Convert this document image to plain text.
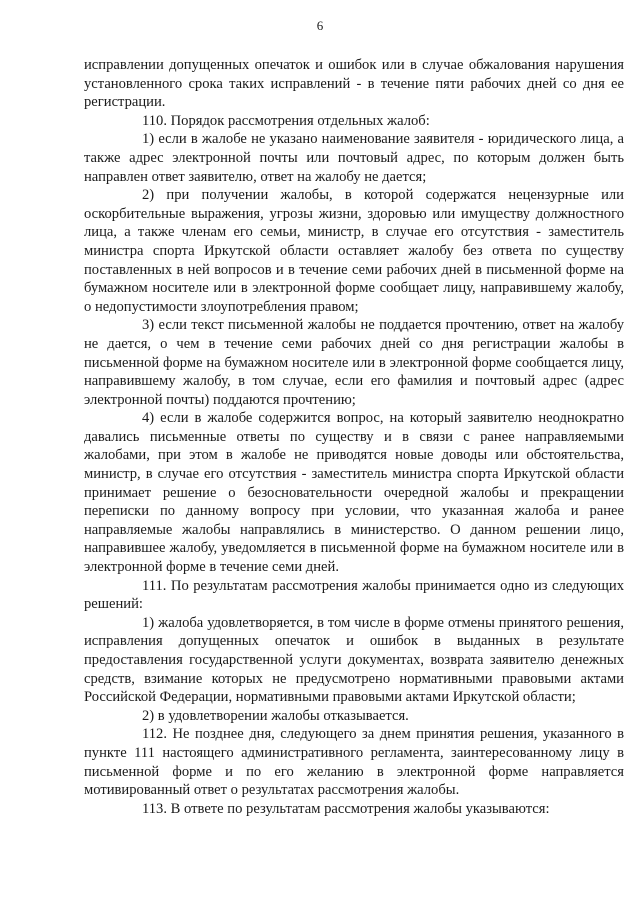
6

исправлении допущенных опечаток и ошибок или в случае обжалования нарушения установленного срока таких исправлений - в течение пяти рабочих дней со дня ее регистрации.

110. Порядок рассмотрения отдельных жалоб:

1) если в жалобе не указано наименование заявителя - юридического лица, а также адрес электронной почты или почтовый адрес, по которым должен быть направлен ответ заявителю, ответ на жалобу не дается;

2) при получении жалобы, в которой содержатся нецензурные или оскорбительные выражения, угрозы жизни, здоровью или имуществу должностного лица, а также членам его семьи, министр, в случае его отсутствия - заместитель министра спорта Иркутской области оставляет жалобу без ответа по существу поставленных в ней вопросов и в течение семи рабочих дней в письменной форме на бумажном носителе или в электронной форме сообщает лицу, направившему жалобу, о недопустимости злоупотребления правом;

3) если текст письменной жалобы не поддается прочтению, ответ на жалобу не дается, о чем в течение семи рабочих дней со дня регистрации жалобы в письменной форме на бумажном носителе или в электронной форме сообщается лицу, направившему жалобу, в том случае, если его фамилия и почтовый адрес (адрес электронной почты) поддаются прочтению;

4) если в жалобе содержится вопрос, на который заявителю неоднократно давались письменные ответы по существу и в связи с ранее направляемыми жалобами, при этом в жалобе не приводятся новые доводы или обстоятельства, министр, в случае его отсутствия - заместитель министра спорта Иркутской области принимает решение о безосновательности очередной жалобы и прекращении переписки по данному вопросу при условии, что указанная жалоба и ранее направляемые жалобы направлялись в министерство. О данном решении лицо, направившее жалобу, уведомляется в письменной форме на бумажном носителе или в электронной форме в течение семи дней.

111. По результатам рассмотрения жалобы принимается одно из следующих решений:

1) жалоба удовлетворяется, в том числе в форме отмены принятого решения, исправления допущенных опечаток и ошибок в выданных в результате предоставления государственной услуги документах, возврата заявителю денежных средств, взимание которых не предусмотрено нормативными правовыми актами Российской Федерации, нормативными правовыми актами Иркутской области;

2) в удовлетворении жалобы отказывается.

112. Не позднее дня, следующего за днем принятия решения, указанного в пункте 111 настоящего административного регламента, заинтересованному лицу в письменной форме и по его желанию в электронной форме направляется мотивированный ответ о результатах рассмотрения жалобы.

113. В ответе по результатам рассмотрения жалобы указываются:
